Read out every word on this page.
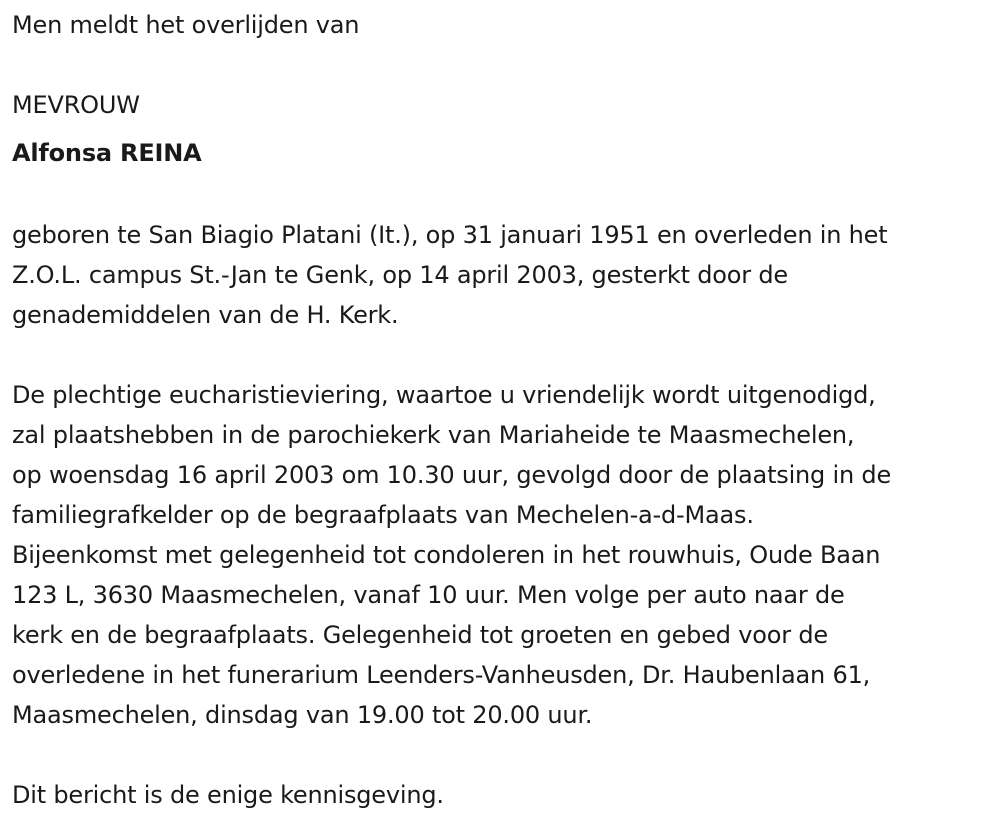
Men meldt het overlijden van

MEVROUW

Alfonsa REINA

geboren te San Biagio Platani (It.), op 31 januari 1951 en overleden in het
Z.O.L. campus St.-Jan te Genk, op 14 april 2003, gesterkt door de
genademiddelen van de H. Kerk.
De plechtige eucharistieviering, waartoe u vriendelijk wordt uitgenodigd,
zal plaatshebben in de parochiekerk van Mariaheide te Maasmechelen,
op woensdag 16 april 2003 om 10.30 uur, gevolgd door de plaatsing in de
familiegrafkelder op de begraafplaats van Mechelen-a-d-Maas.
Bijeenkomst met gelegenheid tot condoleren in het rouwhuis, Oude Baan
123 L, 3630 Maasmechelen, vanaf 10 uur. Men volge per auto naar de
kerk en de begraafplaats. Gelegenheid tot groeten en gebed voor de
overledene in het funerarium Leenders-Vanheusden, Dr. Haubenlaan 61,
Maasmechelen, dinsdag van 19.00 tot 20.00 uur.

Dit bericht is de enige kennisgeving.
